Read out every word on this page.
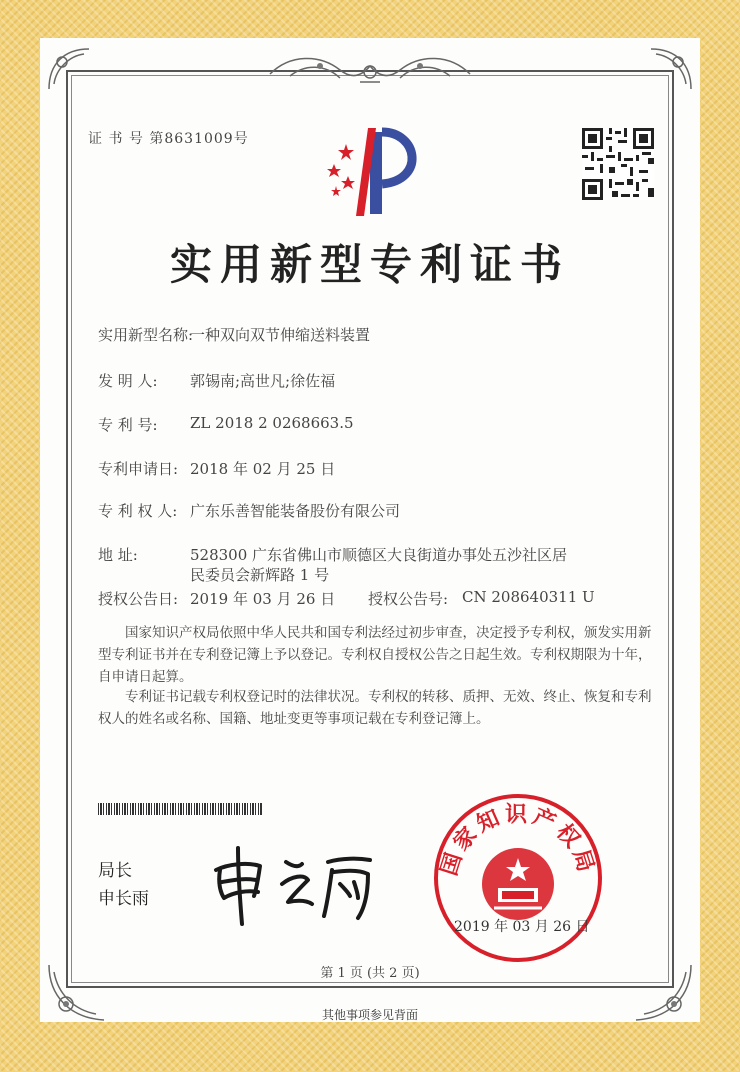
证 书 号 第8631009号
实用新型专利证书
实用新型名称:
一种双向双节伸缩送料装置
发 明 人: 郭锡南;高世凡;徐佐福
专 利 号: ZL 2018 2 0268663.5
专利申请日: 2018 年 02 月 25 日
专 利 权 人: 广东乐善智能装备股份有限公司
地 址:	528300 广东省佛山市顺德区大良街道办事处五沙社区居
民委员会新辉路 1 号
授权公告日: 2019 年 03 月 26 日 授权公告号: CN 208640311 U
国家知识产权局依照中华人民共和国专利法经过初步审查，决定授予专利权，颁发实用新型专利证书并在专利登记簿上予以登记。专利权自授权公告之日起生效。专利权期限为十年，自申请日起算。
专利证书记载专利权登记时的法律状况。专利权的转移、质押、无效、终止、恢复和专利权人的姓名或名称、国籍、地址变更等事项记载在专利登记簿上。
局长
申长雨
国家知识产权局
2019 年 03 月 26 日
第 1 页 (共 2 页)
其他事项参见背面
